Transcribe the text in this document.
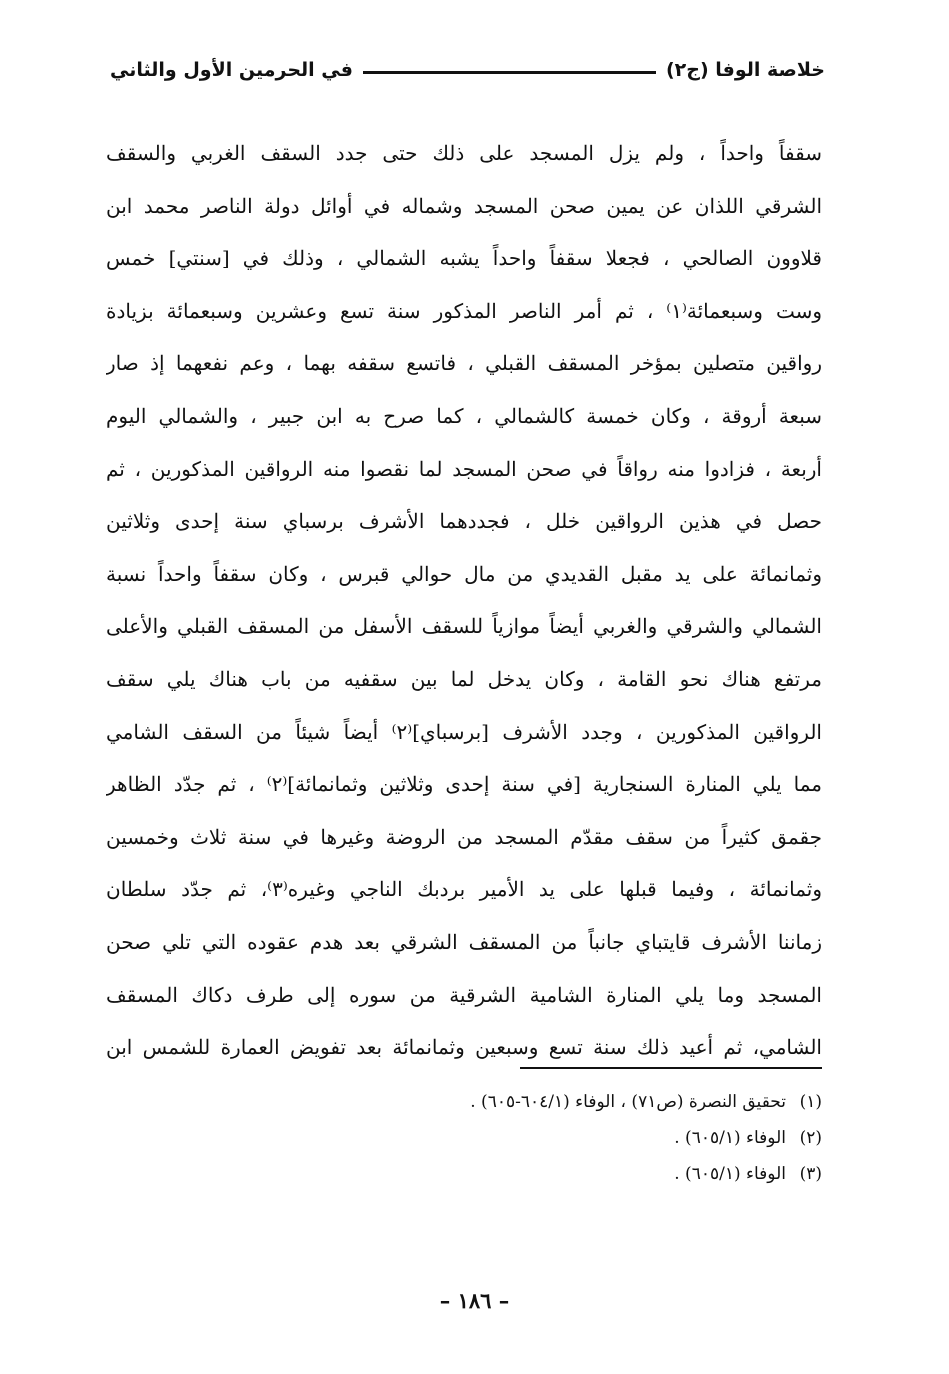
خلاصة الوفا (ج٢)
في الحرمين الأول والثاني
سقفاً واحداً ، ولم يزل المسجد على ذلك حتى جدد السقف الغربي والسقف
الشرقي اللذان عن يمين صحن المسجد وشماله في أوائل دولة الناصر محمد ابن
قلاوون الصالحي ، فجعلا سقفاً واحداً يشبه الشمالي ، وذلك في [سنتي] خمس
وست وسبعمائة⁽١⁾ ، ثم أمر الناصر المذكور سنة تسع وعشرين وسبعمائة بزيادة
رواقين متصلين بمؤخر المسقف القبلي ، فاتسع سقفه بهما ، وعم نفعهما إذ صار
سبعة أروقة ، وكان خمسة كالشمالي ، كما صرح به ابن جبير ، والشمالي اليوم
أربعة ، فزادوا منه رواقاً في صحن المسجد لما نقصوا منه الرواقين المذكورين ، ثم
حصل في هذين الرواقين خلل ، فجددهما الأشرف برسباي سنة إحدى وثلاثين
وثمانمائة على يد مقبل القديدي من مال حوالي قبرس ، وكان سقفاً واحداً نسبة
الشمالي والشرقي والغربي أيضاً موازياً للسقف الأسفل من المسقف القبلي والأعلى
مرتفع هناك نحو القامة ، وكان يدخل لما بين سقفيه من باب هناك يلي سقف
الرواقين المذكورين ، وجدد الأشرف [برسباي]⁽٢⁾ أيضاً شيئاً من السقف الشامي
مما يلي المنارة السنجارية [في سنة إحدى وثلاثين وثمانمائة]⁽٢⁾ ، ثم جدّد الظاهر
جقمق كثيراً من سقف مقدّم المسجد من الروضة وغيرها في سنة ثلاث وخمسين
وثمانمائة ، وفيما قبلها على يد الأمير بردبك الناجي وغيره⁽٣⁾، ثم جدّد سلطان
زماننا الأشرف قايتباي جانباً من المسقف الشرقي بعد هدم عقوده التي تلي صحن
المسجد وما يلي المنارة الشامية الشرقية من سوره إلى طرف دكاك المسقف
الشامي، ثم أعيد ذلك سنة تسع وسبعين وثمانمائة بعد تفويض العمارة للشمس ابن
(١)
تحقيق النصرة (ص٧١) ، الوفاء (٦٠٤/١-٦٠٥) .
(٢)
الوفاء (٦٠٥/١) .
(٣)
الوفاء (٦٠٥/١) .
– ١٨٦ –
